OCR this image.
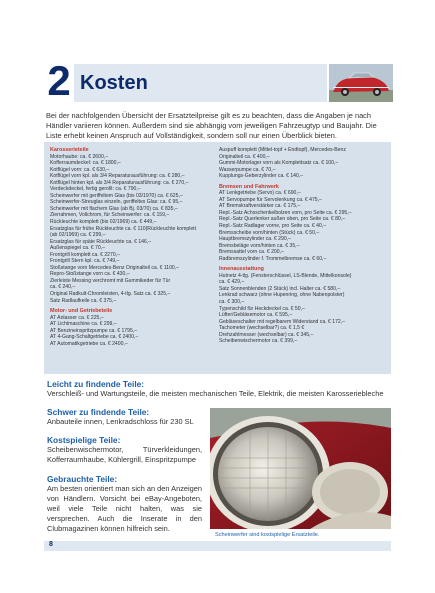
2 Kosten
Bei der nachfolgenden Übersicht der Ersatzteilpreise gilt es zu beachten, dass die Angaben je nach Händler variieren können. Außerdem sind sie abhängig vom jeweiligen Fahrzeugtyp und Baujahr. Die Liste erhebt keinen Anspruch auf Vollständigkeit, sondern soll nur einen Überblick bieten.
Karosserieteile
Motorhaube: ca. € 2600,–
Kofferraumdeckel: ca. € 1800,–
Kotflügel vorn: ca. € 630,–
Kotflügel vorn kpl. als 3/4 Reparaturausführung: ca. € 280,–
Kotflügel hinten kpl. als 3/4 Reparaturausführung: ca. € 270,–
Verdeckdeckel, fertig gerollt: ca. € 790,–
Scheinwerfer mit geriffeltem Glas (bis 03/1970) ca. € 625,–
Scheinwerfer-Streuglas einzeln, geriffeltes Glas: ca. € 95,–
Scheinwerfer mit flachem Glas (ab Bj. 03/70) ca. € 835,–
Zierrahmen, Vollchrom, für Scheinwerfer: ca. € 159,–
Rückleuchte komplett (bis 02/1969) ca. € 449,–
Ersatzglas für frühe Rückleuchte ca. € 110(Rückleuchte komplett
(ab 02/1969) ca. € 299,–
Ersatzglas für späte Rückleuchte ca. € 146,–
Außenspiegel ca. € 70,–
Frontgrill komplett ca. € 2270,–
Frontgrill Stern kpl. ca. € 749,–
Stoßstange vorn Mercedes-Benz Originalteil ca. € 1100,–
Repro-Stoßstange vorn ca. € 430,–
Zierleiste Messing verchromt mit Gummikeder für Tür
ca. € 240,–
Original Radkult-Chromleisten, 4-tlg. Satz ca. € 325,–
Satz Radlaufkeile ca. € 375,–
Motor- und Getriebeteile
AT Anlasser ca. € 225,–
AT Lichtmaschine ca. € 299,–
AT Benzineinspritzpumpe ca. € 1795,–
AT 4-Gang-Schaltgetriebe ca. € 2400,–
AT Automatikgetriebe ca. € 2400,–
Auspuff komplett (Mittel-topf + Endtopf), Mercedes-Benz
Originalteil ca. € 400,–
Gummi-Motorlager vorn als Komplettsatz ca. € 100,–
Wasserpumpe ca. € 70,–
Kupplungs-Geberzylinder ca. € 140,–
Bremsen und Fahrwerk
AT Lenkgetriebe (Servo) ca. € 690,–
AT Servopumpe für Servolenkung ca. € 475,–
AT Bremskraftverstärker ca. € 175,–
Repl.-Satz Achsschenkelbolzen vorn, pro Seite ca. € 295,–
Repl.-Satz Querlenker außen oben, pro Seite ca. € 80,–
Repl.-Satz Radlager vorne, pro Seite ca. € 40,–
Bremsscheibe vorn/hinten (Stück) ca. € 50,–
Hauptbremszylinder ca. € 290,–
Bremsbeläge vorn/hinten ca. € 35,–
Bremssattel vorn ca. € 200,–
Radbremszylinder f. Trommelbremse ca. € 60,–
Innenausstattung
Hutnetz 4-tlg. (Fensterschlüssel, LS-Blende, Mittelkonsole)
ca. € 429,–
Satz Sonnenblenden (2 Stück) incl. Halter ca. € 580,–
Lenkrad schwarz (ohne Hupenring, ohne Nabenpolster)
ca. € 300,–
Typenschild für Heckdeckel ca. € 50,–
Lüfter/Gebläsemotor ca. € 595,–
Gebläseschalter mit regelbarem Widerstand ca. € 172,–
Tachometer (wechselbar?) ca. € 1,5 €
Drehzahlmesser (wechselbar) ca. € 345,–
Scheibenwischermotor ca. € 399,–
Leicht zu findende Teile:
Verschleiß- und Wartungsteile, die meisten mechanischen Teile, Elektrik, die meisten Karosseriebleche
Schwer zu findende Teile:
Anbauteile innen, Lenkradschloss für 230 SL
Kostspielige Teile:
Scheibenwischermotor, Türverkleidungen, Kofferraumhaube, Kühlergrill, Einspritzpumpe
Gebrauchte Teile:
Am besten orientiert man sich an den Anzeigen von Händlern. Vorsicht bei eBay-Angeboten, weil viele Teile nicht halten, was sie versprechen. Auch die Inserate in den Clubmagazinen können hilfreich sein.
Scheinwerfer sind kostspielige Ersatzteile.
8
